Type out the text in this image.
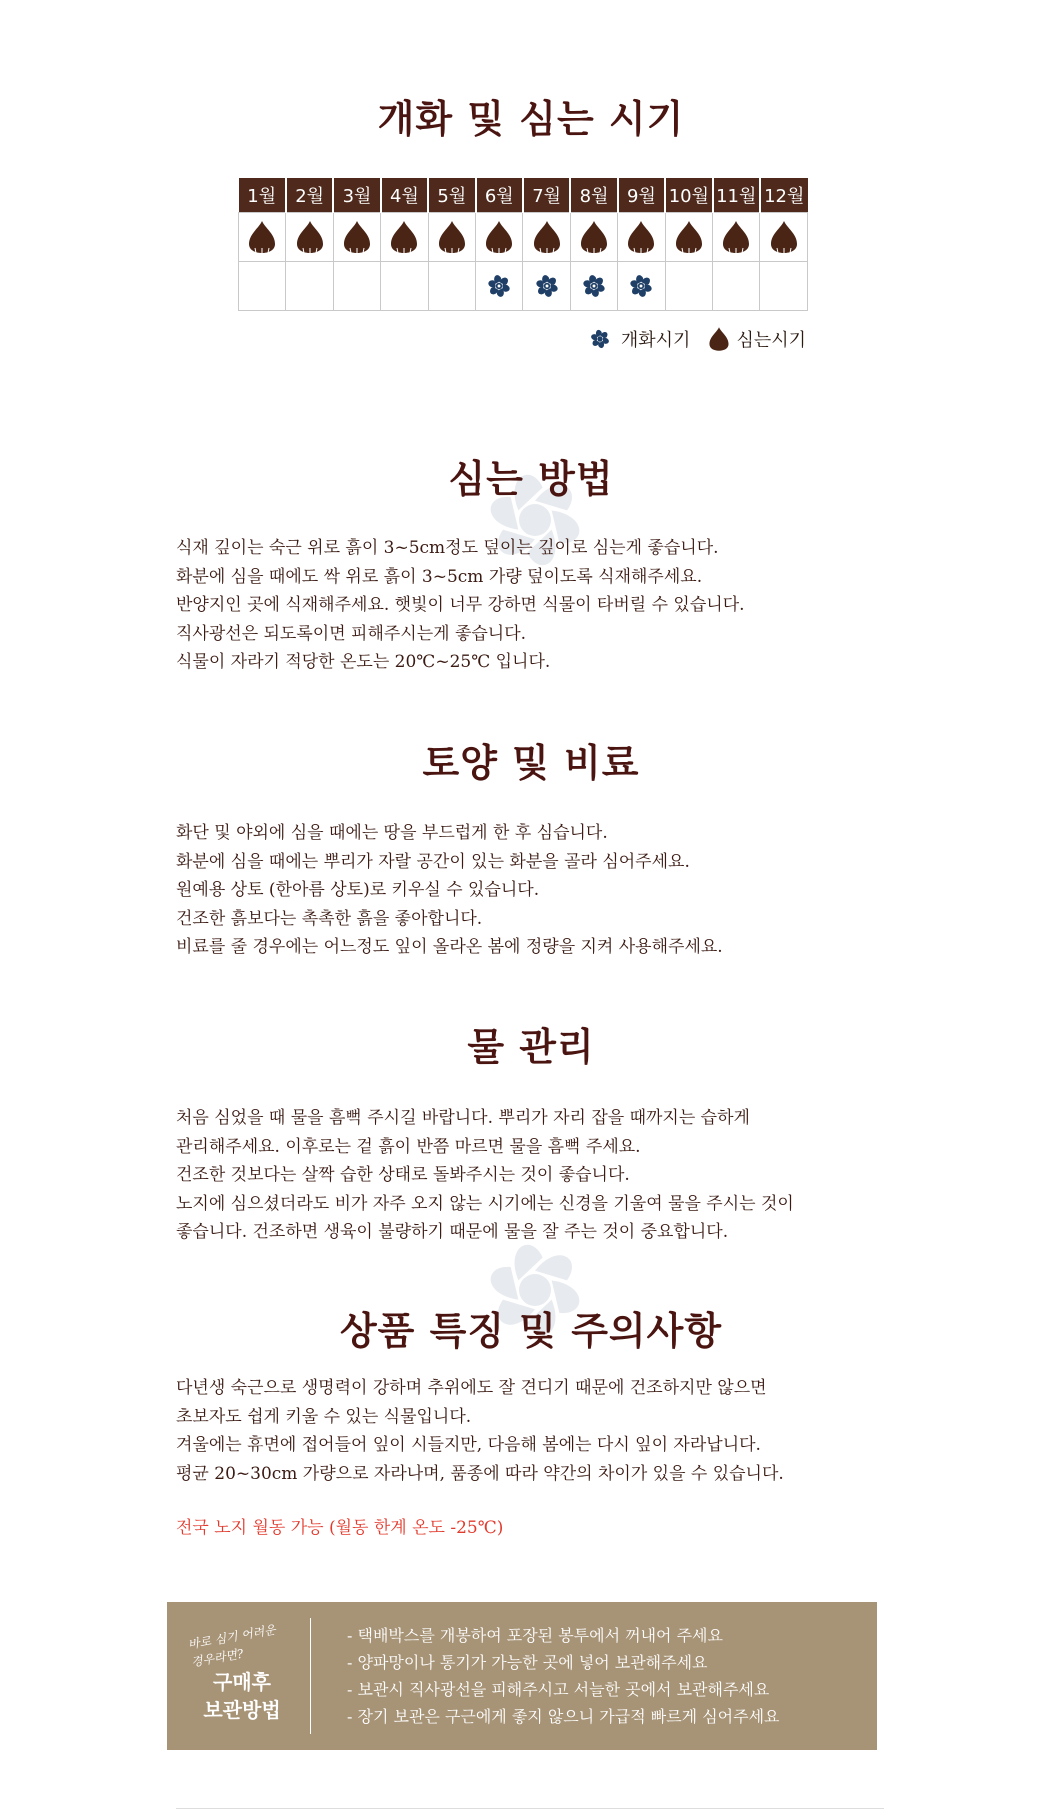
개화 및 심는 시기
1월	2월	3월	4월	5월	6월	7월	8월	9월	10월	11월	12월

개화시기	심는시기
심는 방법
식재 깊이는 숙근 위로 흙이 3~5cm정도 덮이는 깊이로 심는게 좋습니다.
화분에 심을 때에도 싹 위로 흙이 3~5cm 가량 덮이도록 식재해주세요.
반양지인 곳에 식재해주세요. 햇빛이 너무 강하면 식물이 타버릴 수 있습니다.
직사광선은 되도록이면 피해주시는게 좋습니다.
식물이 자라기 적당한 온도는 20℃~25℃ 입니다.
토양 및 비료
화단 및 야외에 심을 때에는 땅을 부드럽게 한 후 심습니다.
화분에 심을 때에는 뿌리가 자랄 공간이 있는 화분을 골라 심어주세요.
원예용 상토 (한아름 상토)로 키우실 수 있습니다.
건조한 흙보다는 촉촉한 흙을 좋아합니다.
비료를 줄 경우에는 어느정도 잎이 올라온 봄에 정량을 지켜 사용해주세요.
물 관리
처음 심었을 때 물을 흠뻑 주시길 바랍니다. 뿌리가 자리 잡을 때까지는 습하게
관리해주세요. 이후로는 겉 흙이 반쯤 마르면 물을 흠뻑 주세요.
건조한 것보다는 살짝 습한 상태로 돌봐주시는 것이 좋습니다.
노지에 심으셨더라도 비가 자주 오지 않는 시기에는 신경을 기울여 물을 주시는 것이
좋습니다. 건조하면 생육이 불량하기 때문에 물을 잘 주는 것이 중요합니다.
상품 특징 및 주의사항
다년생 숙근으로 생명력이 강하며 추위에도 잘 견디기 때문에 건조하지만 않으면
초보자도 쉽게 키울 수 있는 식물입니다.
겨울에는 휴면에 접어들어 잎이 시들지만, 다음해 봄에는 다시 잎이 자라납니다.
평균 20~30cm 가량으로 자라나며, 품종에 따라 약간의 차이가 있을 수 있습니다.
전국 노지 월동 가능 (월동 한계 온도 -25℃)
바로 심기 어려운
경우라면?
구매후
보관방법
- 택배박스를 개봉하여 포장된 봉투에서 꺼내어 주세요
- 양파망이나 통기가 가능한 곳에 넣어 보관해주세요
- 보관시 직사광선을 피해주시고 서늘한 곳에서 보관해주세요
- 장기 보관은 구근에게 좋지 않으니 가급적 빠르게 심어주세요
